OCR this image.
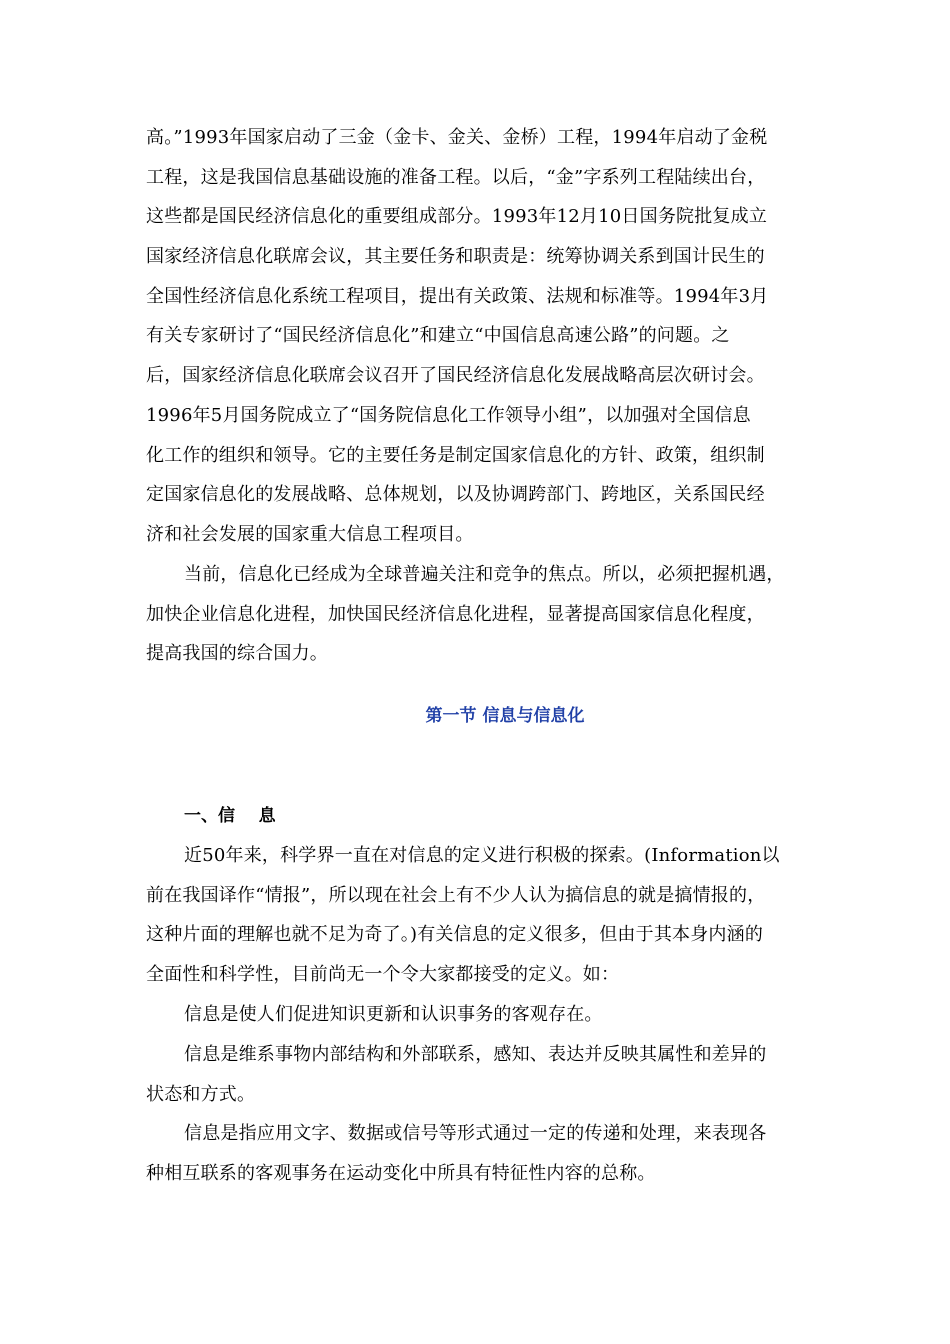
高。”1993年国家启动了三金（金卡、金关、金桥）工程，1994年启动了金税
工程，这是我国信息基础设施的准备工程。以后，“金”字系列工程陆续出台，
这些都是国民经济信息化的重要组成部分。1993年12月10日国务院批复成立
国家经济信息化联席会议，其主要任务和职责是：统筹协调关系到国计民生的
全国性经济信息化系统工程项目，提出有关政策、法规和标准等。1994年3月
有关专家研讨了“国民经济信息化”和建立“中国信息高速公路”的问题。之
后，国家经济信息化联席会议召开了国民经济信息化发展战略高层次研讨会。
1996年5月国务院成立了“国务院信息化工作领导小组”，以加强对全国信息
化工作的组织和领导。它的主要任务是制定国家信息化的方针、政策，组织制
定国家信息化的发展战略、总体规划，以及协调跨部门、跨地区，关系国民经
济和社会发展的国家重大信息工程项目。
当前，信息化已经成为全球普遍关注和竞争的焦点。所以，必须把握机遇，
加快企业信息化进程，加快国民经济信息化进程，显著提高国家信息化程度，
提高我国的综合国力。
第一节 信息与信息化
一、信    息
近50年来，科学界一直在对信息的定义进行积极的探索。(Information以
前在我国译作“情报”，所以现在社会上有不少人认为搞信息的就是搞情报的，
这种片面的理解也就不足为奇了。)有关信息的定义很多，但由于其本身内涵的
全面性和科学性，目前尚无一个令大家都接受的定义。如：
信息是使人们促进知识更新和认识事务的客观存在。
信息是维系事物内部结构和外部联系，感知、表达并反映其属性和差异的
状态和方式。
信息是指应用文字、数据或信号等形式通过一定的传递和处理，来表现各
种相互联系的客观事务在运动变化中所具有特征性内容的总称。
